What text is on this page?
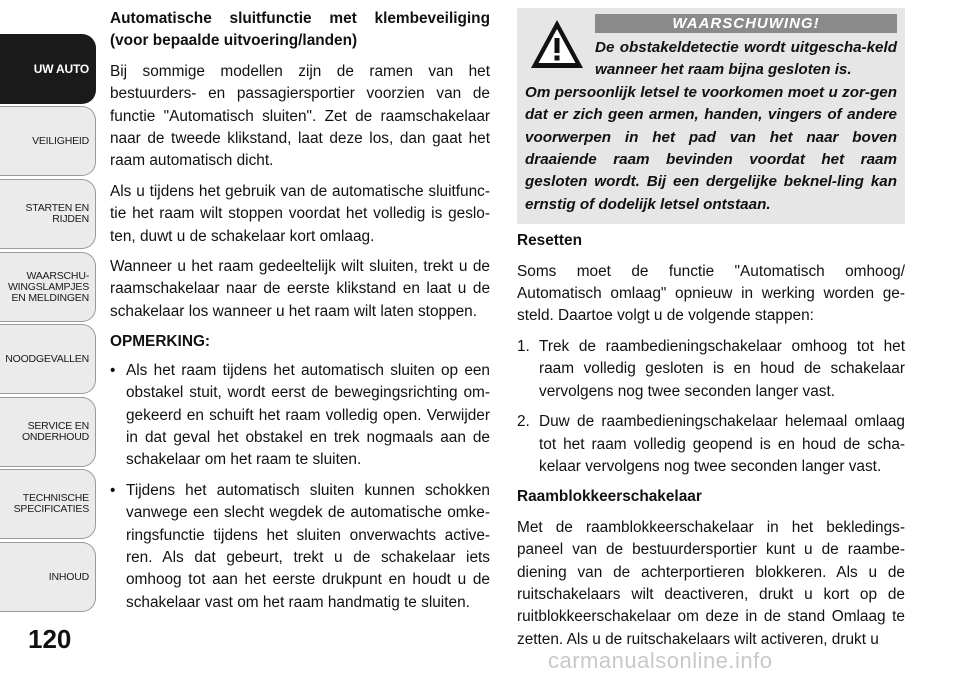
UW AUTO
VEILIGHEID
STARTEN EN
RIJDEN
WAARSCHU-
WINGSLAMPJES
EN MELDINGEN
NOODGEVALLEN
SERVICE EN
ONDERHOUD
TECHNISCHE
SPECIFICATIES
INHOUD
120

Automatische sluitfunctie met klembeveiliging (voor bepaalde uitvoering/landen)

Bij sommige modellen zijn de ramen van het bestuurders- en passagiersportier voorzien van de functie "Automatisch sluiten". Zet de raamschakelaar naar de tweede klikstand, laat deze los, dan gaat het raam automatisch dicht.

Als u tijdens het gebruik van de automatische sluitfunc-tie het raam wilt stoppen voordat het volledig is geslo-ten, duwt u de schakelaar kort omlaag.

Wanneer u het raam gedeeltelijk wilt sluiten, trekt u de raamschakelaar naar de eerste klikstand en laat u de schakelaar los wanneer u het raam wilt laten stoppen.

OPMERKING:

• Als het raam tijdens het automatisch sluiten op een obstakel stuit, wordt eerst de bewegingsrichting om-gekeerd en schuift het raam volledig open. Verwijder in dat geval het obstakel en trek nogmaals aan de schakelaar om het raam te sluiten.
• Tijdens het automatisch sluiten kunnen schokken vanwege een slecht wegdek de automatische omke-ringsfunctie tijdens het sluiten onverwachts active-ren. Als dat gebeurt, trekt u de schakelaar iets omhoog tot aan het eerste drukpunt en houdt u de schakelaar vast om het raam handmatig te sluiten.
WAARSCHUWING!
De obstakeldetectie wordt uitgescha-keld wanneer het raam bijna gesloten is.
Om persoonlijk letsel te voorkomen moet u zor-gen dat er zich geen armen, handen, vingers of andere voorwerpen in het pad van het naar boven draaiende raam bevinden voordat het raam gesloten wordt. Bij een dergelijke beknel-ling kan ernstig of dodelijk letsel ontstaan.

Resetten

Soms moet de functie "Automatisch omhoog/ Automatisch omlaag" opnieuw in werking worden ge-steld. Daartoe volgt u de volgende stappen:

1. Trek de raambedieningschakelaar omhoog tot het raam volledig gesloten is en houd de schakelaar vervolgens nog twee seconden langer vast.
2. Duw de raambedieningschakelaar helemaal omlaag tot het raam volledig geopend is en houd de scha-kelaar vervolgens nog twee seconden langer vast.

Raamblokkeerschakelaar

Met de raamblokkeerschakelaar in het bekledings-paneel van de bestuurdersportier kunt u de raambe-diening van de achterportieren blokkeren. Als u de ruitschakelaars wilt deactiveren, drukt u kort op de ruitblokkeerschakelaar om deze in de stand Omlaag te zetten. Als u de ruitschakelaars wilt activeren, drukt u

carmanualsonline.info
